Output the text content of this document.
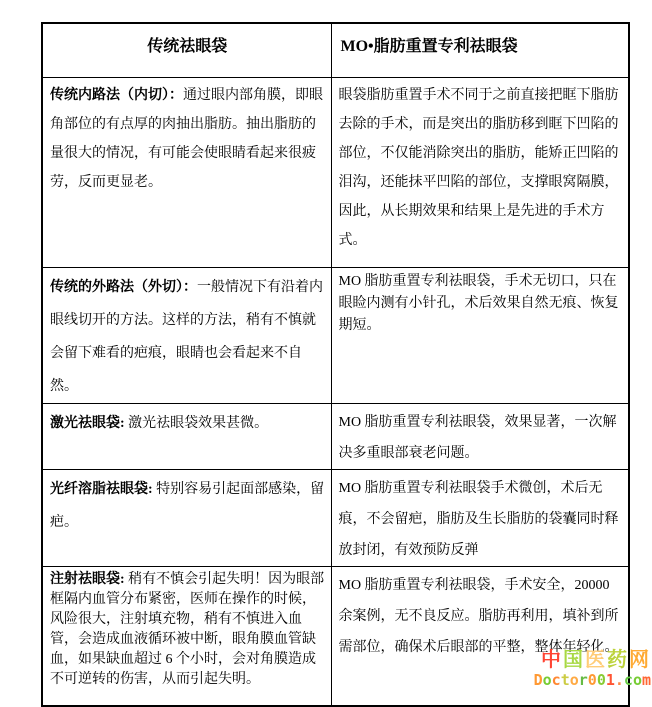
传统祛眼袋	MO•脂肪重置专利祛眼袋
传统内路法（内切）：通过眼内部角膜，即眼角部位的有点厚的肉抽出脂肪。抽出脂肪的量很大的情况，有可能会使眼睛看起来很疲劳，反而更显老。	眼袋脂肪重置手术不同于之前直接把眶下脂肪去除的手术，而是突出的脂肪移到眶下凹陷的部位，不仅能消除突出的脂肪，能矫正凹陷的泪沟，还能抹平凹陷的部位，支撑眼窝隔膜，因此，从长期效果和结果上是先进的手术方式。
传统的外路法（外切）：一般情况下有沿着内眼线切开的方法。这样的方法，稍有不慎就会留下难看的疤痕，眼睛也会看起来不自然。	MO 脂肪重置专利祛眼袋，手术无切口，只在眼睑内测有小针孔，术后效果自然无痕、恢复期短。
激光祛眼袋: 激光祛眼袋效果甚微。	MO 脂肪重置专利祛眼袋，效果显著，一次解决多重眼部衰老问题。
光纤溶脂祛眼袋: 特别容易引起面部感染，留疤。	MO 脂肪重置专利祛眼袋手术微创，术后无痕，不会留疤，脂肪及生长脂肪的袋囊同时释放封闭，有效预防反弹
注射祛眼袋: 稍有不慎会引起失明！因为眼部框隔内血管分布紧密，医师在操作的时候，风险很大，注射填充物，稍有不慎进入血管，会造成血液循环被中断，眼角膜血管缺血，如果缺血超过 6 个小时，会对角膜造成不可逆转的伤害，从而引起失明。	MO 脂肪重置专利祛眼袋，手术安全，20000 余案例，无不良反应。脂肪再利用，填补到所需部位，确保术后眼部的平整，整体年轻化。
中国医药网
Doctor001.com
